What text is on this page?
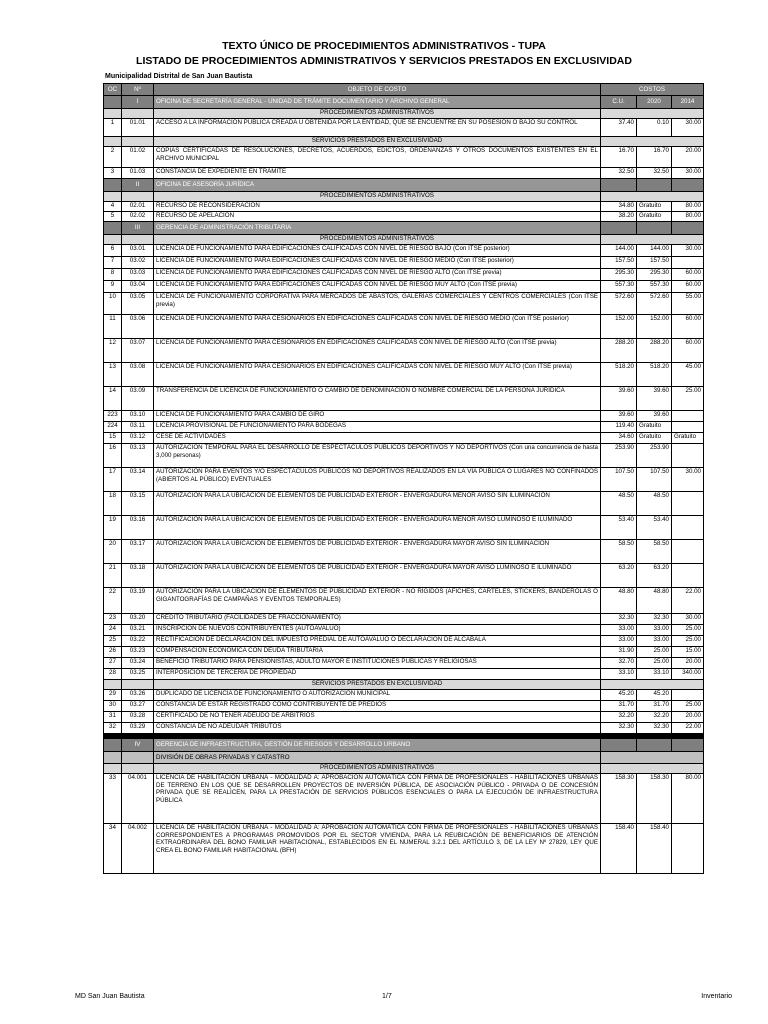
TEXTO ÚNICO DE PROCEDIMIENTOS ADMINISTRATIVOS - TUPA
LISTADO DE PROCEDIMIENTOS ADMINISTRATIVOS Y SERVICIOS PRESTADOS EN EXCLUSIVIDAD
Municipalidad Distrital de San Juan Bautista
OC	Nº	OBJETO DE COSTO	COSTOS		
	I	OFICINA DE SECRETARÍA GENERAL - UNIDAD DE TRÁMITE DOCUMENTARIO Y ARCHIVO GENERAL	C.U.	2020	2014
		PROCEDIMIENTOS ADMINISTRATIVOS			
1	01.01	ACCESO A LA INFORMACIÓN PÚBLICA CREADA U OBTENIDA POR LA ENTIDAD, QUE SE ENCUENTRE EN SU POSESIÓN O BAJO SU CONTROL	37.40	0.10	30.00
		SERVICIOS PRESTADOS EN EXCLUSIVIDAD			
2	01.02	COPIAS CERTIFICADAS DE RESOLUCIONES, DECRETOS, ACUERDOS, EDICTOS, ORDENANZAS Y OTROS DOCUMENTOS EXISTENTES EN EL ARCHIVO MUNICIPAL	16.70	16.70	20.00
3	01.03	CONSTANCIA DE EXPEDIENTE EN TRÁMITE	32.50	32.50	30.00
	II	OFICINA DE ASESORÍA JURÍDICA			
		PROCEDIMIENTOS ADMINISTRATIVOS			
4	02.01	RECURSO DE RECONSIDERACIÓN	34.80	Gratuito	80.00
5	02.02	RECURSO DE APELACIÓN	38.20	Gratuito	80.00
	III	GERENCIA DE ADMINISTRACIÓN TRIBUTARIA			
		PROCEDIMIENTOS ADMINISTRATIVOS			
6	03.01	LICENCIA DE FUNCIONAMIENTO PARA EDIFICACIONES CALIFICADAS CON NIVEL DE RIESGO BAJO (Con ITSE posterior)	144.00	144.00	30.00
7	03.02	LICENCIA DE FUNCIONAMIENTO PARA EDIFICACIONES CALIFICADAS CON NIVEL DE RIESGO MEDIO (Con ITSE posterior)	157.50	157.50	
8	03.03	LICENCIA DE FUNCIONAMIENTO PARA EDIFICACIONES CALIFICADAS CON NIVEL DE RIESGO ALTO (Con ITSE previa)	295.30	295.30	60.00
9	03.04	LICENCIA DE FUNCIONAMIENTO PARA EDIFICACIONES CALIFICADAS CON NIVEL DE RIESGO MUY ALTO (Con ITSE previa)	557.30	557.30	60.00
10	03.05	LICENCIA DE FUNCIONAMIENTO CORPORATIVA PARA MERCADOS DE ABASTOS, GALERÍAS COMERCIALES Y CENTROS COMERCIALES (Con ITSE previa)	572.60	572.60	55.00
11	03.06	LICENCIA DE FUNCIONAMIENTO PARA CESIONARIOS EN EDIFICACIONES CALIFICADAS CON NIVEL DE RIESGO MEDIO (Con ITSE posterior)	152.00	152.00	60.00
12	03.07	LICENCIA DE FUNCIONAMIENTO PARA CESIONARIOS EN EDIFICACIONES CALIFICADAS CON NIVEL DE RIESGO ALTO (Con ITSE previa)	288.20	288.20	60.00
13	03.08	LICENCIA DE FUNCIONAMIENTO PARA CESIONARIOS EN EDIFICACIONES CALIFICADAS CON NIVEL DE RIESGO MUY ALTO (Con ITSE previa)	518.20	518.20	45.00
14	03.09	TRANSFERENCIA DE LICENCIA DE FUNCIONAMIENTO O CAMBIO DE DENOMINACIÓN O NOMBRE COMERCIAL DE LA PERSONA JURÍDICA	39.60	39.60	25.00
223	03.10	LICENCIA DE FUNCIONAMIENTO PARA CAMBIO DE GIRO	39.60	39.60	
224	03.11	LICENCIA PROVISIONAL DE FUNCIONAMIENTO PARA BODEGAS	119.40	Gratuito	
15	03.12	CESE DE ACTIVIDADES	34.60	Gratuito	Gratuito
16	03.13	AUTORIZACIÓN TEMPORAL PARA EL DESARROLLO DE ESPECTÁCULOS PÚBLICOS DEPORTIVOS Y NO DEPORTIVOS (Con una concurrencia de hasta 3,000 personas)	253.90	253.90	
17	03.14	AUTORIZACIÓN PARA EVENTOS Y/O ESPECTÁCULOS PÚBLICOS NO DEPORTIVOS REALIZADOS EN LA VÍA PÚBLICA O LUGARES NO CONFINADOS (ABIERTOS AL PÚBLICO) EVENTUALES	107.50	107.50	30.00
18	03.15	AUTORIZACIÓN PARA LA UBICACIÓN DE ELEMENTOS DE PUBLICIDAD EXTERIOR - ENVERGADURA MENOR AVISO SIN ILUMINACIÓN	48.50	48.50	
19	03.16	AUTORIZACIÓN PARA LA UBICACIÓN DE ELEMENTOS DE PUBLICIDAD EXTERIOR - ENVERGADURA MENOR AVISO LUMINOSO E ILUMINADO	53.40	53.40	
20	03.17	AUTORIZACIÓN PARA LA UBICACIÓN DE ELEMENTOS DE PUBLICIDAD EXTERIOR - ENVERGADURA MAYOR AVISO SIN ILUMINACIÓN	58.50	58.50	
21	03.18	AUTORIZACIÓN PARA LA UBICACIÓN DE ELEMENTOS DE PUBLICIDAD EXTERIOR - ENVERGADURA MAYOR AVISO LUMINOSO E ILUMINADO	63.20	63.20	
22	03.19	AUTORIZACIÓN PARA LA UBICACIÓN DE ELEMENTOS DE PUBLICIDAD EXTERIOR - NO RÍGIDOS (AFICHES, CARTELES, STICKERS, BANDEROLAS O GIGANTOGRAFÍAS DE CAMPAÑAS Y EVENTOS TEMPORALES)	48.80	48.80	22.00
23	03.20	CRÉDITO TRIBUTARIO (FACILIDADES DE FRACCIONAMIENTO)	32.30	32.30	30.00
24	03.21	INSCRIPCIÓN DE NUEVOS CONTRIBUYENTES (AUTOAVALUO)	33.00	33.00	25.00
25	03.22	RECTIFICACIÓN DE DECLARACIÓN DEL IMPUESTO PREDIAL DE AUTOAVALUO O DECLARACIÓN DE ALCABALA	33.00	33.00	25.00
26	03.23	COMPENSACIÓN ECONÓMICA CON DEUDA TRIBUTARIA	31.90	25.00	15.00
27	03.24	BENEFICIO TRIBUTARIO PARA PENSIONISTAS, ADULTO MAYOR E INSTITUCIONES PÚBLICAS Y RELIGIOSAS	32.70	25.00	20.00
28	03.25	INTERPOSICIÓN DE TERCERÍA DE PROPIEDAD	33.10	33.10	340.00
		SERVICIOS PRESTADOS EN EXCLUSIVIDAD			
29	03.26	DUPLICADO DE LICENCIA DE FUNCIONAMIENTO O AUTORIZACIÓN MUNICIPAL	45.20	45.20	
30	03.27	CONSTANCIA DE ESTAR REGISTRADO COMO CONTRIBUYENTE DE PREDIOS	31.70	31.70	25.00
31	03.28	CERTIFICADO DE NO TENER ADEUDO DE ARBITRIOS	32.20	32.20	20.00
32	03.29	CONSTANCIA DE NO ADEUDAR TRIBUTOS	32.30	32.30	22.00

	IV	GERENCIA DE INFRAESTRUCTURA, GESTIÓN DE RIESGOS Y DESARROLLO URBANO			
		DIVISIÓN DE OBRAS PRIVADAS Y CATASTRO			
		PROCEDIMIENTOS ADMINISTRATIVOS			
33	04.001	LICENCIA DE HABILITACIÓN URBANA - MODALIDAD A: APROBACIÓN AUTOMÁTICA CON FIRMA DE PROFESIONALES - HABILITACIONES URBANAS DE TERRENO EN LOS QUE SE DESARROLLEN PROYECTOS DE INVERSIÓN PÚBLICA, DE ASOCIACIÓN PÚBLICO - PRIVADA O DE CONCESIÓN PRIVADA QUE SE REALICEN, PARA LA PRESTACIÓN DE SERVICIOS PÚBLICOS ESENCIALES O PARA LA EJECUCIÓN DE INFRAESTRUCTURA PÚBLICA	158.30	158.30	80.00
34	04.002	LICENCIA DE HABILITACIÓN URBANA - MODALIDAD A: APROBACIÓN AUTOMÁTICA CON FIRMA DE PROFESIONALES - HABILITACIONES URBANAS CORRESPONDIENTES A PROGRAMAS PROMOVIDOS POR EL SECTOR VIVIENDA, PARA LA REUBICACIÓN DE BENEFICIARIOS DE ATENCIÓN EXTRAORDINARIA DEL BONO FAMILIAR HABITACIONAL, ESTABLECIDOS EN EL NUMERAL 3.2.1 DEL ARTÍCULO 3, DE LA LEY Nº 27829, LEY QUE CREA EL BONO FAMILIAR HABITACIONAL (BFH)	158.40	158.40	
MD San Juan Bautista	1/7	Inventario
